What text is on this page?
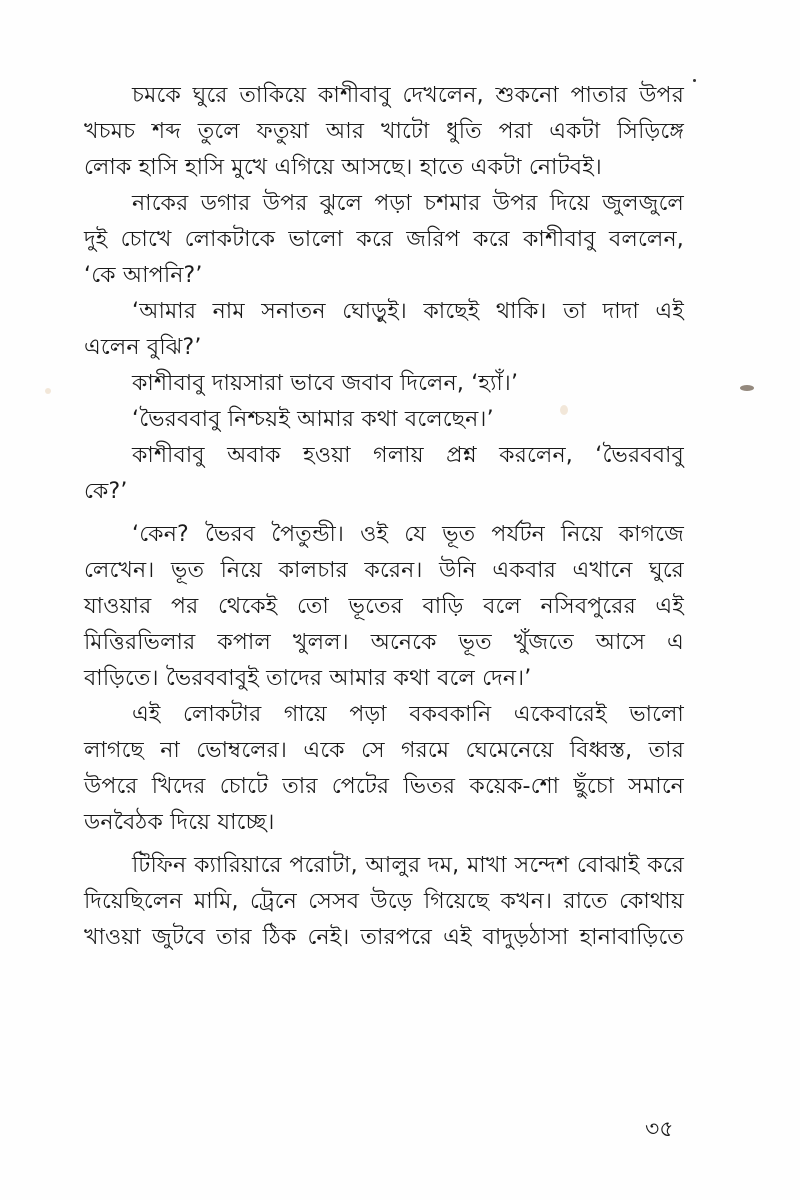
চমকে ঘুরে তাকিয়ে কাশীবাবু দেখলেন, শুকনো পাতার উপর
খচমচ শব্দ তুলে ফতুয়া আর খাটো ধুতি পরা একটা সিড়িঙ্গে
লোক হাসি হাসি মুখে এগিয়ে আসছে। হাতে একটা নোটবই।
নাকের ডগার উপর ঝুলে পড়া চশমার উপর দিয়ে জুলজুলে
দুই চোখে লোকটাকে ভালো করে জরিপ করে কাশীবাবু বললেন,
‘কে আপনি?’
‘আমার নাম সনাতন ঘোড়ুই। কাছেই থাকি। তা দাদা এই
এলেন বুঝি?’
কাশীবাবু দায়সারা ভাবে জবাব দিলেন, ‘হ্যাঁ।’
‘ভৈরববাবু নিশ্চয়ই আমার কথা বলেছেন।’
কাশীবাবু অবাক হওয়া গলায় প্রশ্ন করলেন, ‘ভৈরববাবু
কে?’
‘কেন? ভৈরব পৈতুন্ডী। ওই যে ভূত পর্যটন নিয়ে কাগজে
লেখেন। ভূত নিয়ে কালচার করেন। উনি একবার এখানে ঘুরে
যাওয়ার পর থেকেই তো ভূতের বাড়ি বলে নসিবপুরের এই
মিত্তিরভিলার কপাল খুলল। অনেকে ভূত খুঁজতে আসে এ
বাড়িতে। ভৈরববাবুই তাদের আমার কথা বলে দেন।’
এই লোকটার গায়ে পড়া বকবকানি একেবারেই ভালো
লাগছে না ভোম্বলের। একে সে গরমে ঘেমেনেয়ে বিধ্বস্ত, তার
উপরে খিদের চোটে তার পেটের ভিতর কয়েক-শো ছুঁচো সমানে
ডনবৈঠক দিয়ে যাচ্ছে।
টিফিন ক্যারিয়ারে পরোটা, আলুর দম, মাখা সন্দেশ বোঝাই করে
দিয়েছিলেন মামি, ট্রেনে সেসব উড়ে গিয়েছে কখন। রাতে কোথায়
খাওয়া জুটবে তার ঠিক নেই। তারপরে এই বাদুড়ঠাসা হানাবাড়িতে
৩৫
